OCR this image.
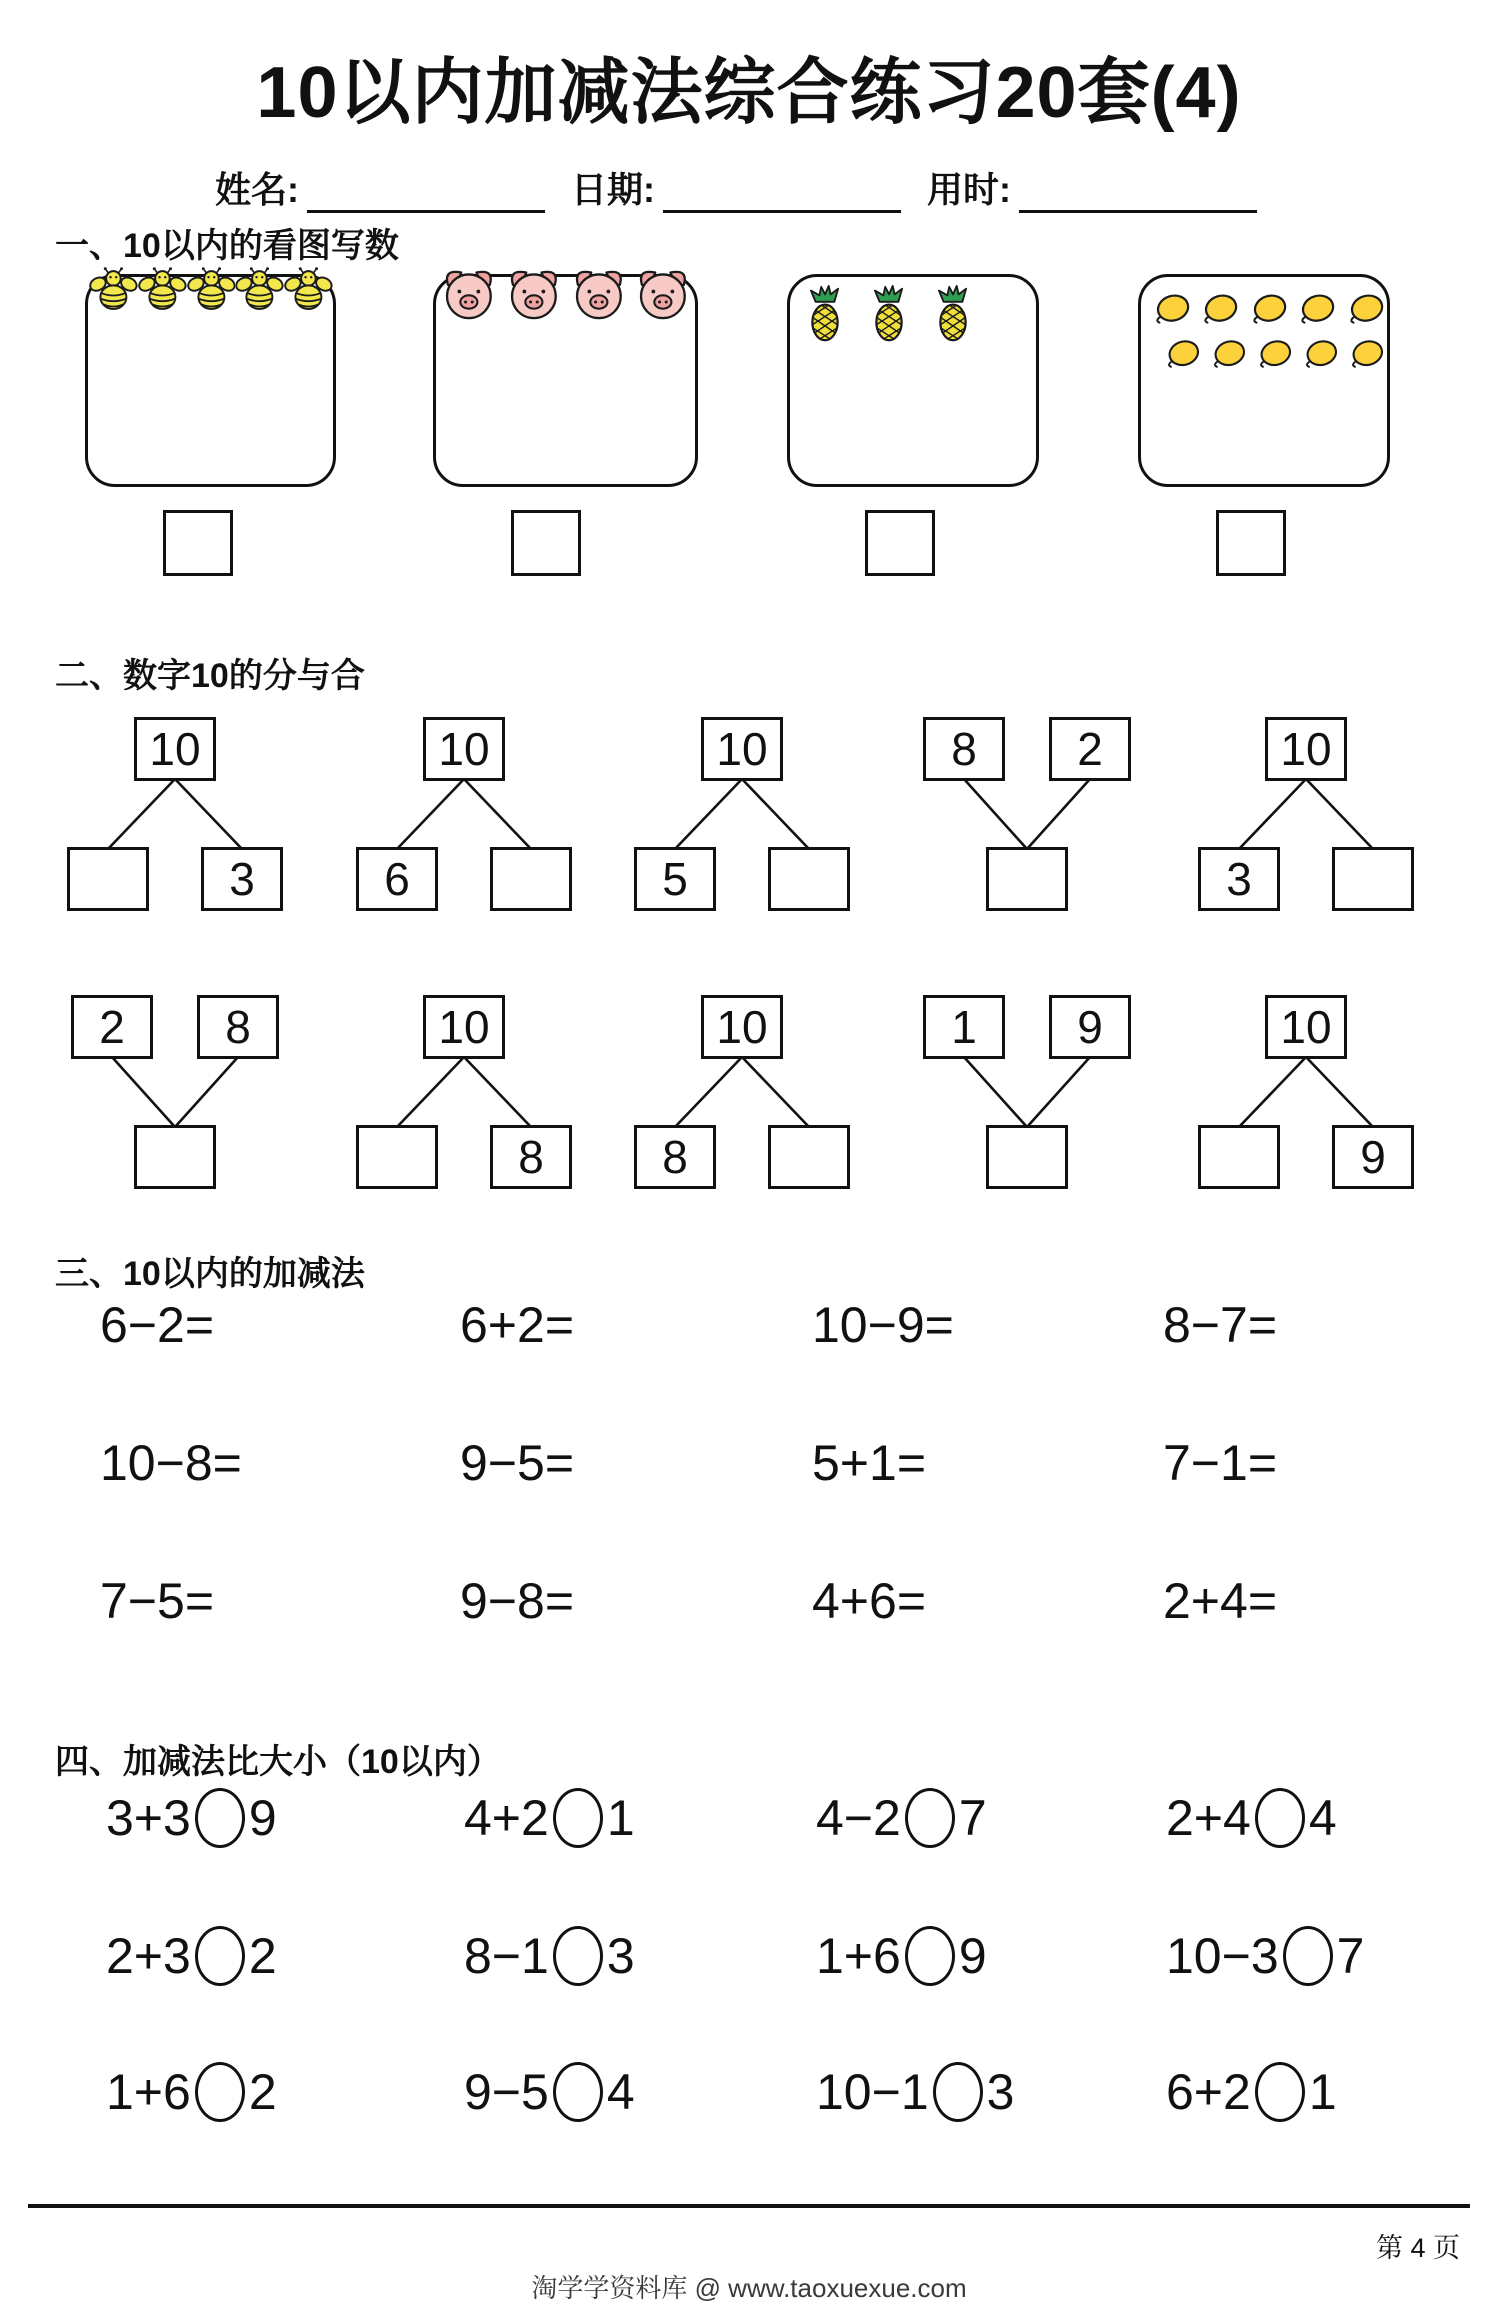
10以内加减法综合练习20套(4)
姓名:	日期:	用时:
一、10以内的看图写数
二、数字10的分与合
三、10以内的加减法
四、加减法比大小（10以内）
第 4 页
淘学学资料库 @ www.taoxuexue.com
10
3
10
6
10
5
8	2	10
3
2	8	10
8
10
8
1	9	10
9
6−2=	6+2=	10−9=	8−7=
10−8=	9−5=	5+1=	7−1=
7−5=	9−8=	4+6=	2+4=
3+3 9	4+2 1	4−2 7	2+4 4
2+3 2	8−1 3	1+6 9	10−3 7
1+6 2	9−5 4	10−1 3	6+2 1
